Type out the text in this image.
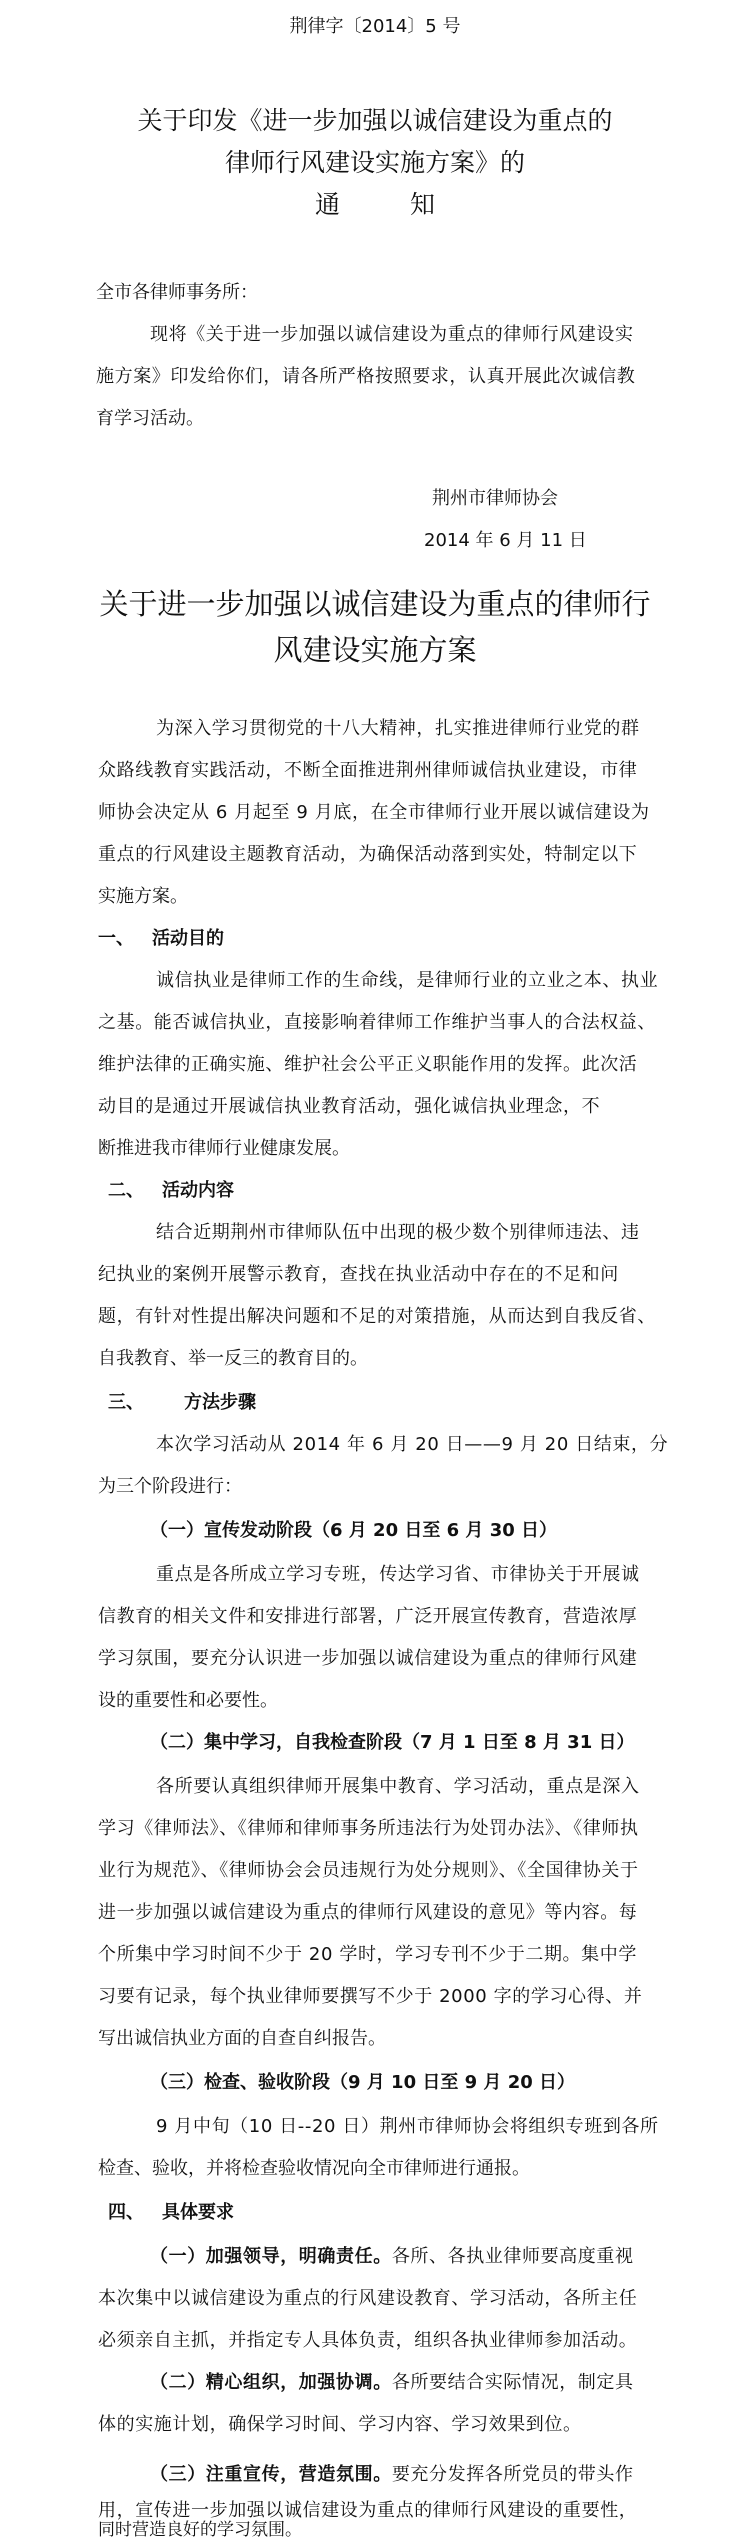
荆律字〔2014〕5 号
关于印发《进一步加强以诚信建设为重点的
律师行风建设实施方案》的
通	知
全市各律师事务所：
现将《关于进一步加强以诚信建设为重点的律师行风建设实
施方案》印发给你们，请各所严格按照要求，认真开展此次诚信教
育学习活动。
荆州市律师协会
2014 年 6 月 11 日
关于进一步加强以诚信建设为重点的律师行
风建设实施方案
为深入学习贯彻党的十八大精神，扎实推进律师行业党的群
众路线教育实践活动，不断全面推进荆州律师诚信执业建设，市律
师协会决定从 6 月起至 9 月底，在全市律师行业开展以诚信建设为
重点的行风建设主题教育活动，为确保活动落到实处，特制定以下
实施方案。
一、 活动目的
诚信执业是律师工作的生命线，是律师行业的立业之本、执业
之基。能否诚信执业，直接影响着律师工作维护当事人的合法权益、
维护法律的正确实施、维护社会公平正义职能作用的发挥。此次活
动目的是通过开展诚信执业教育活动，强化诚信执业理念，不
断推进我市律师行业健康发展。
二、 活动内容
结合近期荆州市律师队伍中出现的极少数个别律师违法、违
纪执业的案例开展警示教育，查找在执业活动中存在的不足和问
题，有针对性提出解决问题和不足的对策措施，从而达到自我反省、
自我教育、举一反三的教育目的。
三、 方法步骤
本次学习活动从 2014 年 6 月 20 日——9 月 20 日结束，分
为三个阶段进行：
（一）宣传发动阶段（6 月 20 日至 6 月 30 日）
重点是各所成立学习专班，传达学习省、市律协关于开展诚
信教育的相关文件和安排进行部署，广泛开展宣传教育，营造浓厚
学习氛围，要充分认识进一步加强以诚信建设为重点的律师行风建
设的重要性和必要性。
（二）集中学习，自我检查阶段（7 月 1 日至 8 月 31 日）
各所要认真组织律师开展集中教育、学习活动，重点是深入
学习《律师法》、《律师和律师事务所违法行为处罚办法》、《律师执
业行为规范》、《律师协会会员违规行为处分规则》、《全国律协关于
进一步加强以诚信建设为重点的律师行风建设的意见》等内容。每
个所集中学习时间不少于 20 学时，学习专刊不少于二期。集中学
习要有记录，每个执业律师要撰写不少于 2000 字的学习心得、并
写出诚信执业方面的自查自纠报告。
（三）检查、验收阶段（9 月 10 日至 9 月 20 日）
9 月中旬（10 日--20 日）荆州市律师协会将组织专班到各所
检查、验收，并将检查验收情况向全市律师进行通报。
四、 具体要求
（一）加强领导，明确责任。各所、各执业律师要高度重视
本次集中以诚信建设为重点的行风建设教育、学习活动，各所主任
必须亲自主抓，并指定专人具体负责，组织各执业律师参加活动。
（二）精心组织，加强协调。各所要结合实际情况，制定具
体的实施计划，确保学习时间、学习内容、学习效果到位。
（三）注重宣传，营造氛围。要充分发挥各所党员的带头作
用，宣传进一步加强以诚信建设为重点的律师行风建设的重要性，
同时营造良好的学习氛围。
